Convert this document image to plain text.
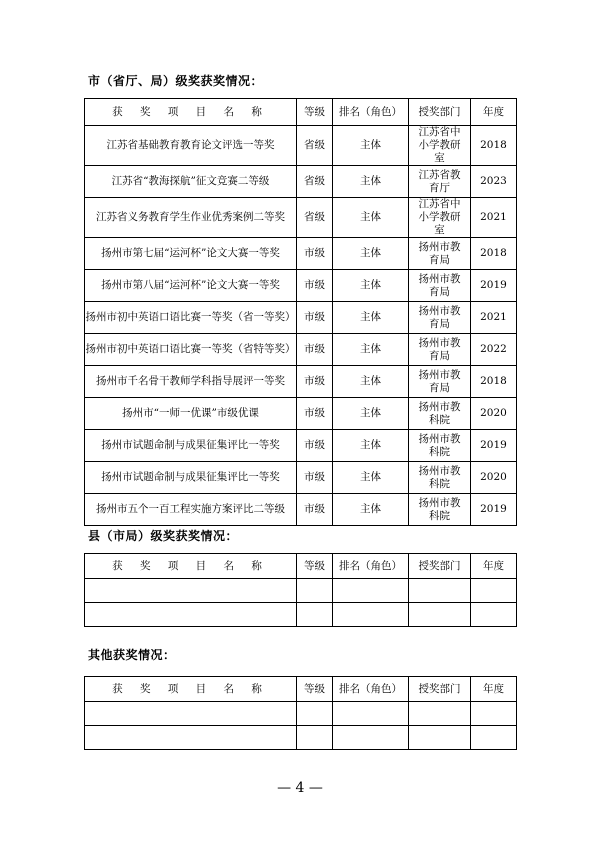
市（省厅、局）级奖获奖情况：
获 奖 项 目 名 称	等级	排名（角色）	授奖部门	年度
江苏省基础教育教育论文评选一等奖	省级	主体	江苏省中小学教研室	2018
江苏省“教海探航”征文竞赛二等级	省级	主体	江苏省教育厅	2023
江苏省义务教育学生作业优秀案例二等奖	省级	主体	江苏省中小学教研室	2021
扬州市第七届“运河杯”论文大赛一等奖	市级	主体	扬州市教育局	2018
扬州市第八届“运河杯”论文大赛一等奖	市级	主体	扬州市教育局	2019
扬州市初中英语口语比赛一等奖（省一等奖）	市级	主体	扬州市教育局	2021
扬州市初中英语口语比赛一等奖（省特等奖）	市级	主体	扬州市教育局	2022
扬州市千名骨干教师学科指导展评一等奖	市级	主体	扬州市教育局	2018
扬州市“一师一优课”市级优课	市级	主体	扬州市教科院	2020
扬州市试题命制与成果征集评比一等奖	市级	主体	扬州市教科院	2019
扬州市试题命制与成果征集评比一等奖	市级	主体	扬州市教科院	2020
扬州市五个一百工程实施方案评比二等级	市级	主体	扬州市教科院	2019
县（市局）级奖获奖情况：
获 奖 项 目 名 称	等级	排名（角色）	授奖部门	年度

其他获奖情况：
获 奖 项 目 名 称	等级	排名（角色）	授奖部门	年度

— 4 —
